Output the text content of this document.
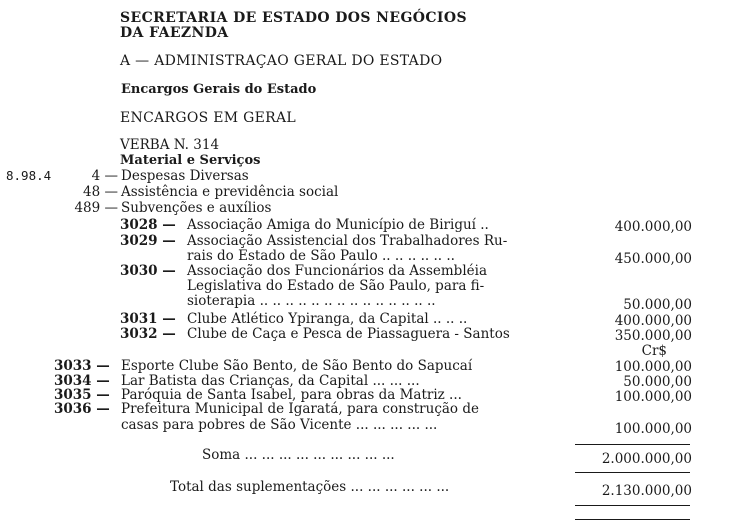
SECRETARIA DE ESTADO DOS NEGÓCIOS
DA FAEZNDA
A — ADMINISTRAÇAO GERAL DO ESTADO
Encargos Gerais do Estado
ENCARGOS EM GERAL
VERBA N. 314
Material e Serviços
8.98.4	4 — Despesas Diversas
48 — Assistência e previdência social
489 — Subvenções e auxílios
3028 — Associação Amiga do Município de Biriguí ..	400.000,00
3029 — Associação Assistencial dos Trabalhadores Ru-
rais do Estado de São Paulo .. .. .. .. .. ..	450.000,00
3030 — Associação dos Funcionários da Assembléia
Legislativa do Estado de São Paulo, para fi-
sioterapia .. .. .. .. .. .. .. .. .. .. .. .. .. ..	50.000,00
3031 — Clube Atlético Ypiranga, da Capital .. .. ..	400.000,00
3032 — Clube de Caça e Pesca de Piassaguera - Santos	350.000,00
Cr$
3033 — Esporte Clube São Bento, de São Bento do Sapucaí	100.000,00
3034 — Lar Batista das Crianças, da Capital ... ... ...	50.000,00
3035 — Paróquia de Santa Isabel, para obras da Matriz ...	100.000,00
3036 — Prefeitura Municipal de Igaratá, para construção de
casas para pobres de São Vicente ... ... ... ... ...	100.000,00
Soma ... ... ... ... ... ... ... ... ...	2.000.000,00
Total das suplementações ... ... ... ... ... ...	2.130.000,00
